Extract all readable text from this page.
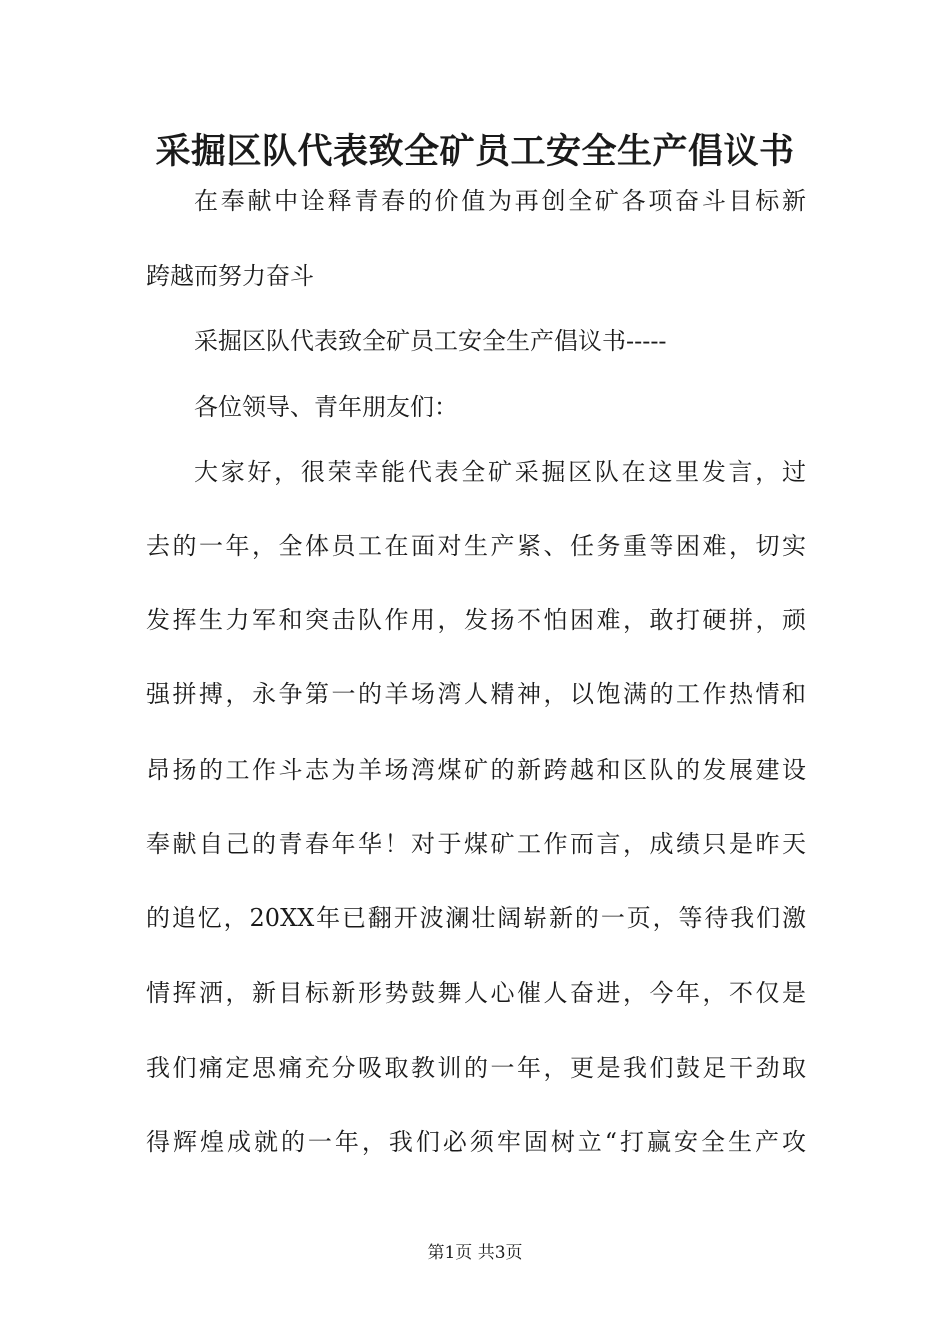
采掘区队代表致全矿员工安全生产倡议书
在奉献中诠释青春的价值为再创全矿各项奋斗目标新
跨越而努力奋斗
采掘区队代表致全矿员工安全生产倡议书-----
各位领导、青年朋友们：
大家好，很荣幸能代表全矿采掘区队在这里发言，过
去的一年，全体员工在面对生产紧、任务重等困难，切实
发挥生力军和突击队作用，发扬不怕困难，敢打硬拼，顽
强拼搏，永争第一的羊场湾人精神，以饱满的工作热情和
昂扬的工作斗志为羊场湾煤矿的新跨越和区队的发展建设
奉献自己的青春年华！对于煤矿工作而言，成绩只是昨天
的追忆，20XX年已翻开波澜壮阔崭新的一页，等待我们激
情挥洒，新目标新形势鼓舞人心催人奋进，今年，不仅是
我们痛定思痛充分吸取教训的一年，更是我们鼓足干劲取
得辉煌成就的一年，我们必须牢固树立“打赢安全生产攻
第1页 共3页
